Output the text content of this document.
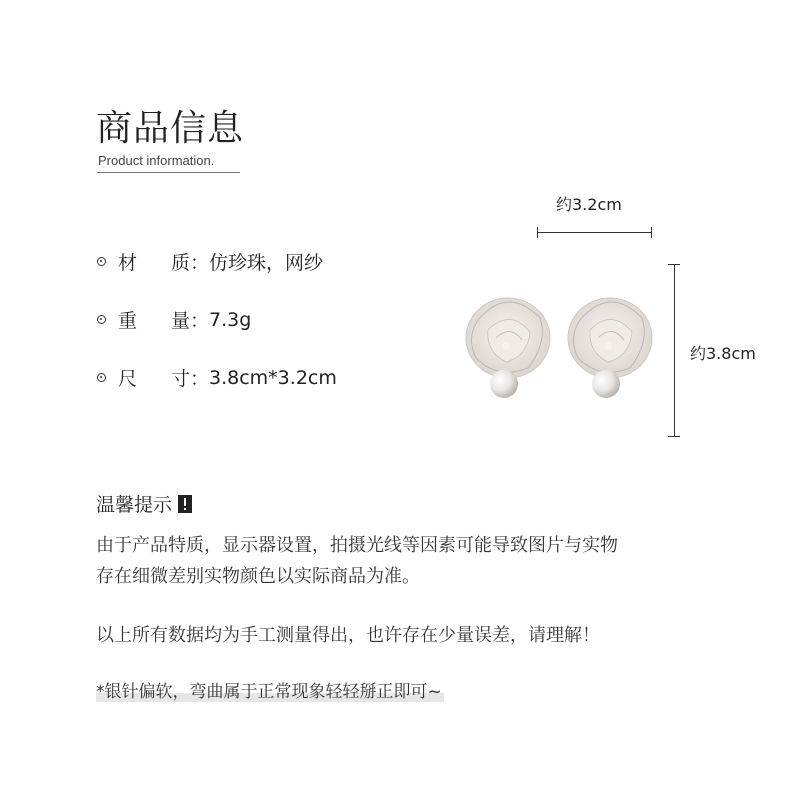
商品信息
Product information.
材	质： 仿珍珠，网纱
重	量： 7.3g
尺	寸： 3.8cm*3.2cm
约3.2cm
约3.8cm
温馨提示
由于产品特质，显示器设置，拍摄光线等因素可能导致图片与实物
存在细微差别实物颜色以实际商品为准。
以上所有数据均为手工测量得出，也许存在少量误差，请理解！
*银针偏软，弯曲属于正常现象轻轻掰正即可~
